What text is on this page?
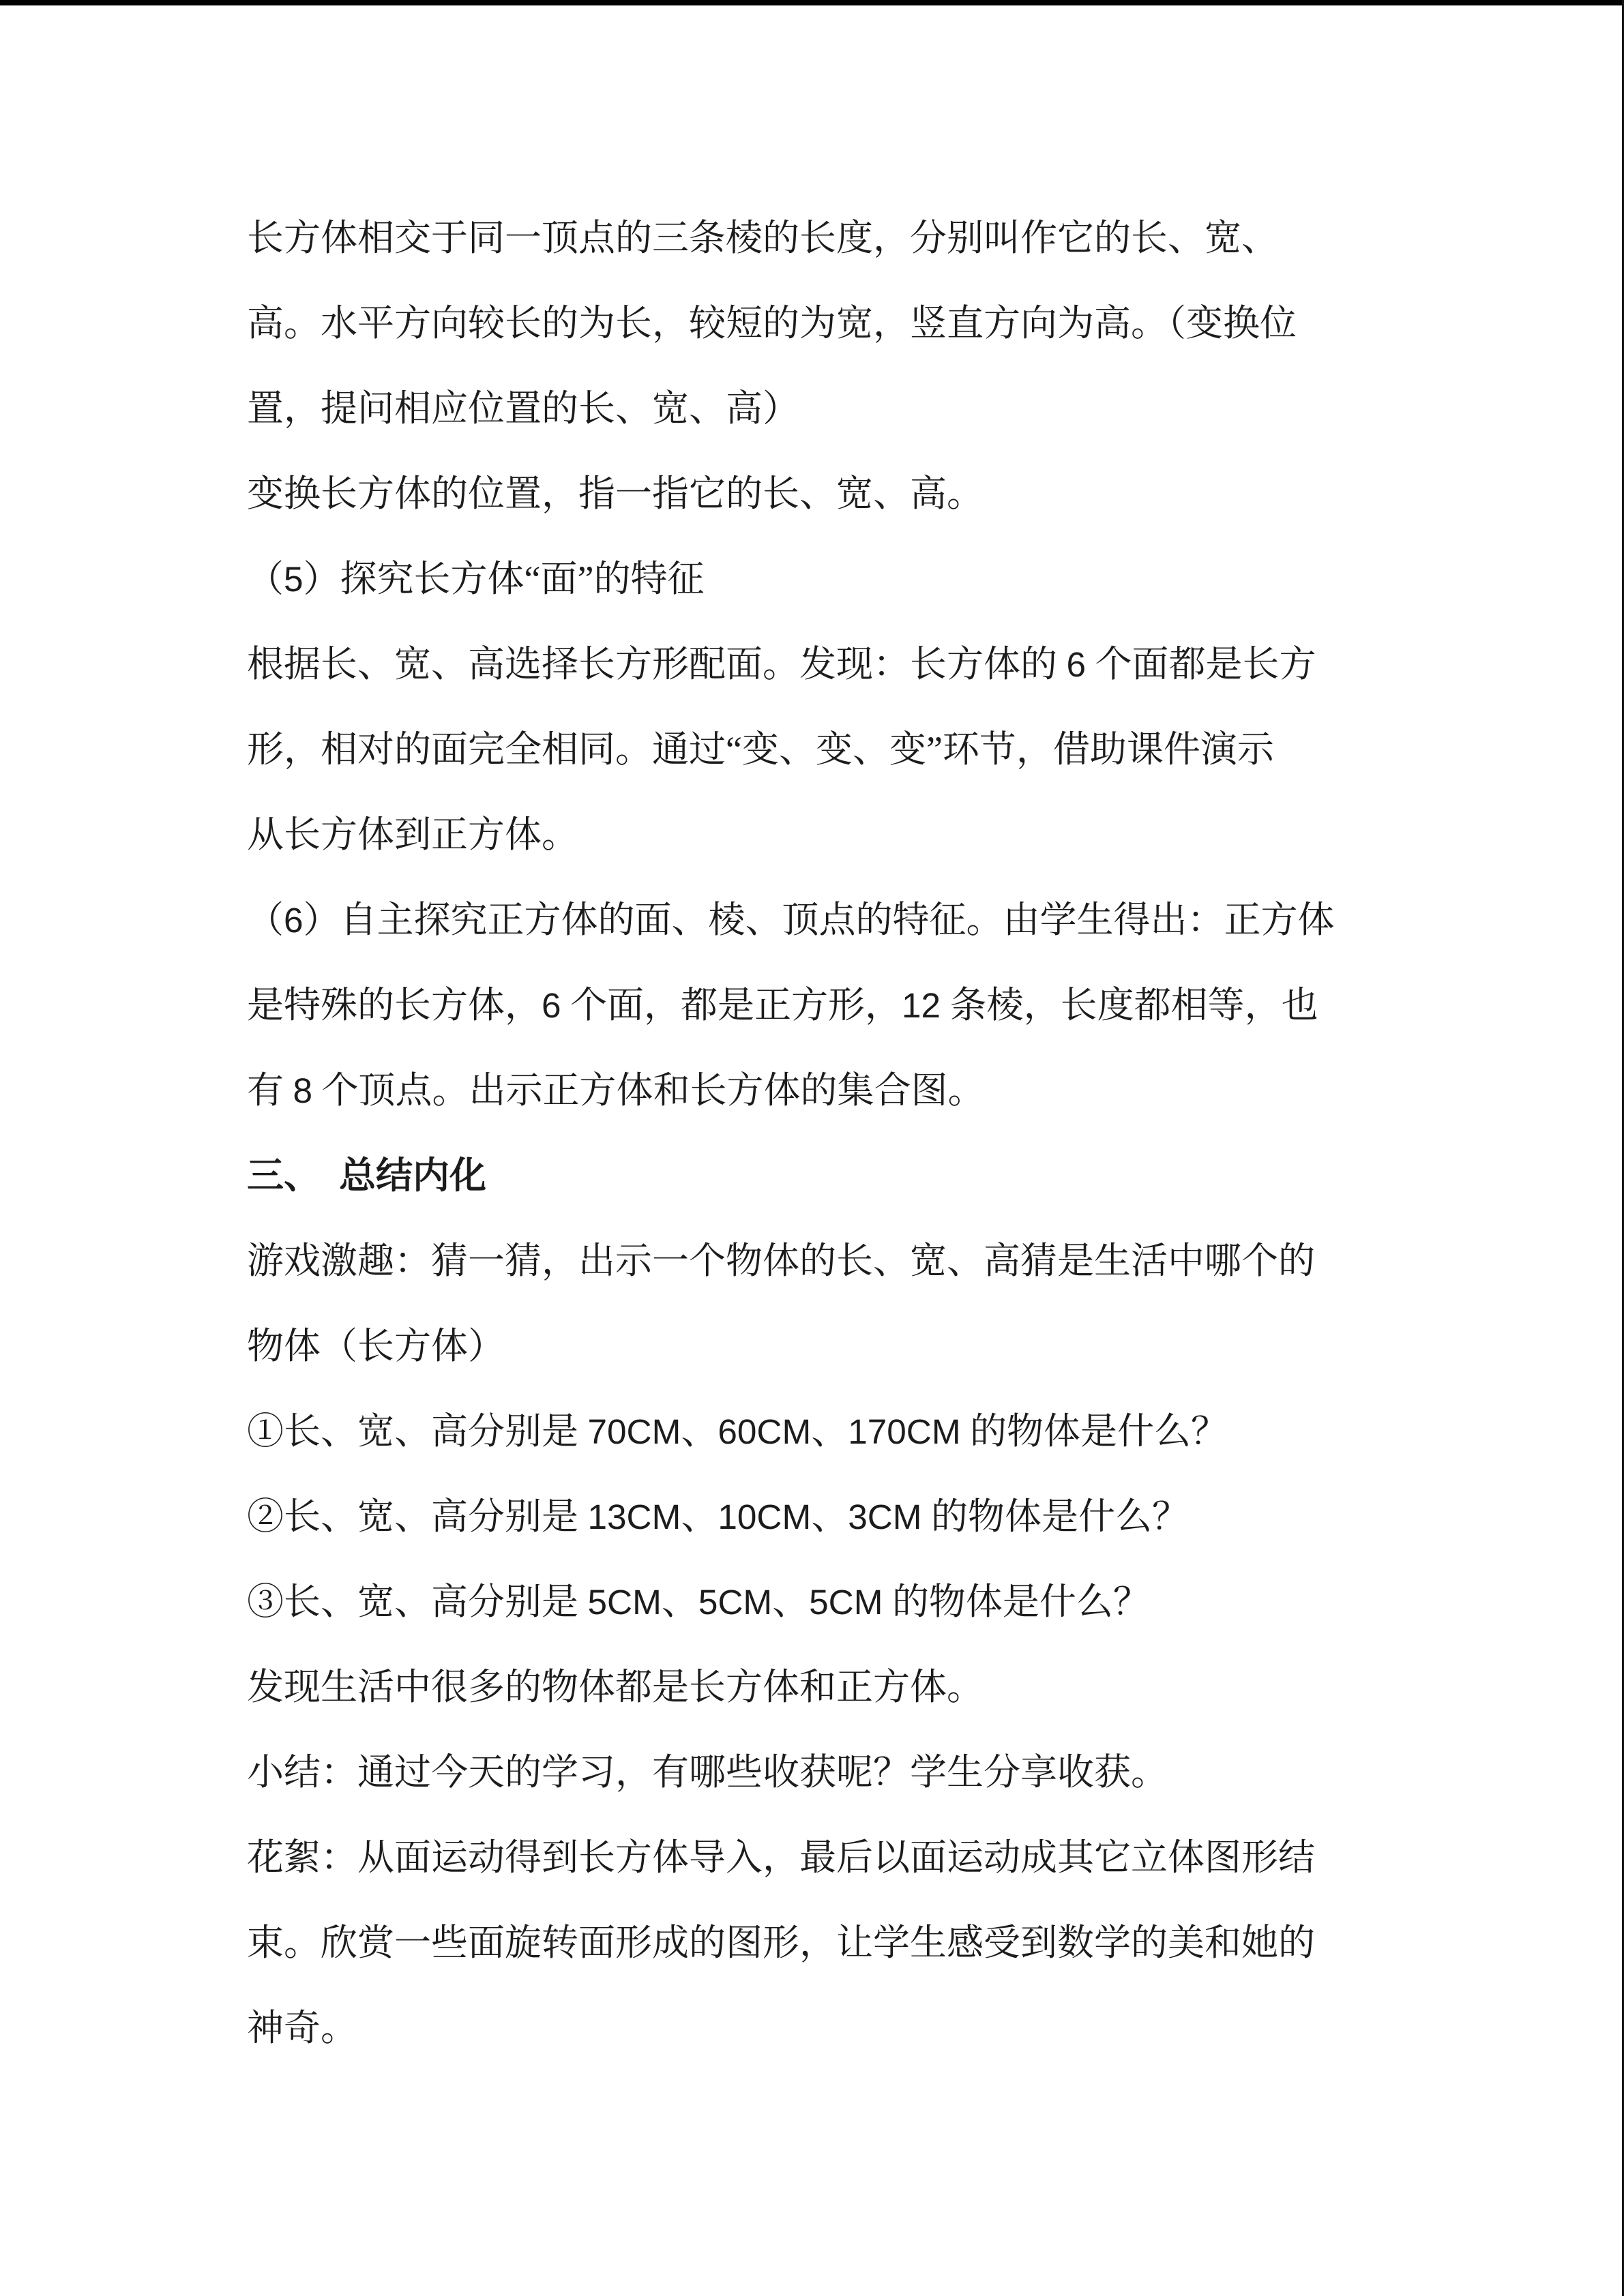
长方体相交于同一顶点的三条棱的长度，分别叫作它的长、宽、
高。水平方向较长的为长，较短的为宽，竖直方向为高。（变换位
置，提问相应位置的长、宽、高）
变换长方体的位置，指一指它的长、宽、高。
（5）探究长方体“面”的特征
根据长、宽、高选择长方形配面。发现：长方体的 6 个面都是长方
形，相对的面完全相同。通过“变、变、变”环节，借助课件演示
从长方体到正方体。
（6）自主探究正方体的面、棱、顶点的特征。由学生得出：正方体
是特殊的长方体，6 个面，都是正方形，12 条棱，长度都相等，也
有 8 个顶点。出示正方体和长方体的集合图。
三、　总结内化
游戏激趣：猜一猜，出示一个物体的长、宽、高猜是生活中哪个的
物体（长方体）
①长、宽、高分别是 70CM、60CM、170CM 的物体是什么？
②长、宽、高分别是 13CM、10CM、3CM 的物体是什么？
③长、宽、高分别是 5CM、5CM、5CM 的物体是什么？
发现生活中很多的物体都是长方体和正方体。
小结：通过今天的学习，有哪些收获呢？学生分享收获。
花絮：从面运动得到长方体导入，最后以面运动成其它立体图形结
束。欣赏一些面旋转面形成的图形，让学生感受到数学的美和她的
神奇。
